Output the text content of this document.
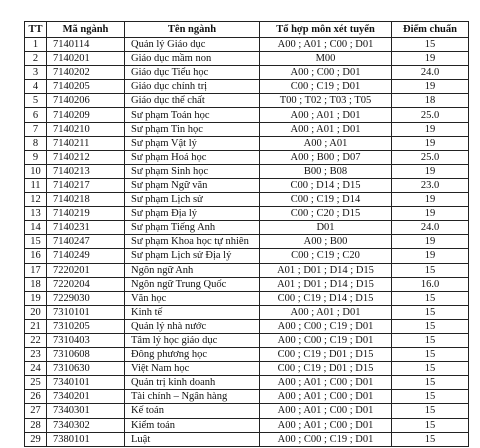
TT	Mã ngành	Tên ngành	Tổ hợp môn xét tuyển	Điểm chuẩn
1	7140114	Quản lý Giáo dục	A00 ; A01 ; C00 ; D01	15
2	7140201	Giáo dục mầm non	M00	19
3	7140202	Giáo dục Tiểu học	A00 ; C00 ; D01	24.0
4	7140205	Giáo dục chính trị	C00 ; C19 ; D01	19
5	7140206	Giáo dục thể chất	T00 ; T02 ; T03 ; T05	18
6	7140209	Sư phạm Toán học	A00 ; A01 ; D01	25.0
7	7140210	Sư phạm Tin học	A00 ; A01 ; D01	19
8	7140211	Sư phạm Vật lý	A00 ; A01	19
9	7140212	Sư phạm Hoá học	A00 ; B00 ; D07	25.0
10	7140213	Sư phạm Sinh học	B00 ; B08	19
11	7140217	Sư phạm Ngữ văn	C00 ; D14 ; D15	23.0
12	7140218	Sư phạm Lịch sử	C00 ; C19 ; D14	19
13	7140219	Sư phạm Địa lý	C00 ; C20 ; D15	19
14	7140231	Sư phạm Tiếng Anh	D01	24.0
15	7140247	Sư phạm Khoa học tự nhiên	A00 ; B00	19
16	7140249	Sư phạm Lịch sử Địa lý	C00 ; C19 ; C20	19
17	7220201	Ngôn ngữ Anh	A01 ; D01 ; D14 ; D15	15
18	7220204	Ngôn ngữ Trung Quốc	A01 ; D01 ; D14 ; D15	16.0
19	7229030	Văn học	C00 ; C19 ; D14 ; D15	15
20	7310101	Kinh tế	A00 ; A01 ; D01	15
21	7310205	Quản lý nhà nước	A00 ; C00 ; C19 ; D01	15
22	7310403	Tâm lý học giáo dục	A00 ; C00 ; C19 ; D01	15
23	7310608	Đông phương học	C00 ; C19 ; D01 ; D15	15
24	7310630	Việt Nam học	C00 ; C19 ; D01 ; D15	15
25	7340101	Quản trị kinh doanh	A00 ; A01 ; C00 ; D01	15
26	7340201	Tài chính – Ngân hàng	A00 ; A01 ; C00 ; D01	15
27	7340301	Kế toán	A00 ; A01 ; C00 ; D01	15
28	7340302	Kiểm toán	A00 ; A01 ; C00 ; D01	15
29	7380101	Luật	A00 ; C00 ; C19 ; D01	15
